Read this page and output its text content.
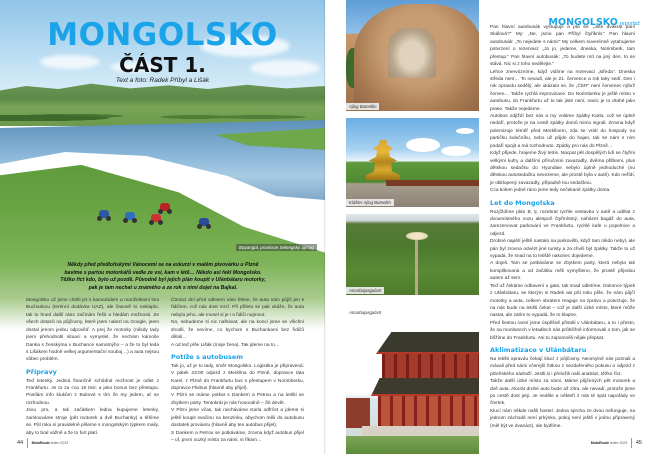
MONGOLSKO
ČÁST 1.
Text a foto: Radek Příbyl a Lišák
Bayangol, provincie Selengský ajmag
Někdy před předloňskými Vánocemi se na exkurzi v malém pivovárku u Plzně bavíme s partou motorkářů vedle ze vsi, kam v létě… Někdo asi řekl Mongolsko. Těžko říct kdo, bylo už pozdě. Původně byl jejich plán koupit v Ulánbátaru motorky, pak je tam nechat u známého a za rok s nimi dojet na Bajkal.

Mongolsko už jsme chtěli jet s kamarádem a manželkami loni Buchankou (terénní dodávka UAZ), ale časově to neklaplo, tak to hned další ráno začínám řešit a hledám možnosti. Ze všech dotazů na půjčovny, které jsem nalezl na Google, jsem dostal jenom jednu odpověď. A prej že motorky (někdy tady jsem přehodnotil situaci a vymyslel, že nechám kámoše Danka s ženskýma v Buchance samotnýho – a že to byl teda s Lišákem hodně velkej argumentační souboj…) a auta nejsou vůbec problém.

Přípravy

Teď letenky. Jediná finančně schůdná možnost je odlet z Frankfurtu. Je to za cca 19 tisíc a jako bonus bez přestupu. Posílám info klukům z Bukové s tím že my jedem, ať se rozhodnou.

Jsou pro, a tak začátkem ledna kupujeme letenky, zamlouváme stroje (pět motorek a dvě Buchanky) a těšíme se. Půl roku si pravidelně píšeme s mongolským týpkem maily, aby to bral vážně a že to furt platí.

Čtrnáct dní před odletem nám řekne, že auta nám půjčí jen s řidičem, což nás dost mrzí. Při příletu se pak ukáže, že auta nebyla jeho, ale musel si je i s řidiči najmout.

No, nebudeme si nic nalhávat, ale na konci jsme se všichni shodli, že nevíme, co bychom s Buchankami bez řidičů dělali…

A od teď píše Lišák (moje žena). Tak jdeme na to…

Potíže s autobusem

Tak jo, už je to tady, směr Mongolsko. Logistika je připravená: V pátek 23:00 odjezd z Merklína do Plzně, dopravce táta Karel, z Plzně do Frankfurtu bus s přestupem v Norimberku, dopravce Flixbus (hlavně aby přijel).

V Plzni se máme potkat s Dankem a Petrou a na letišti se zbytkem party. Tentokrát je nás hoooodně – čili devět.

V Plzni jsme včas, tak necháváme Karla odfrčet a jdeme si ještě koupit svačinu na benzínku, abychom měli do autobusu dostatek proviantu (hlavně aby ten autobus přijel).

S Dankem a Petrou se potkáváme, zrovna když autobus přijel – uf, první ouzký místo za námi, si říkám…

44 MotoRoute leden 2023
Ajlog Buteeltin
Klášter Ajlog Buteeltin
Amarbajasgalant
Amarbajasgalant
MONGOLSKO reportáž

Pan hlavní autobusák vystupuje a ptá se: „Jste dvakrát paní Skálová?" My: „Ne, jsme pan Příbyl čtyřikrát." Pan hlavní autobusák: „To nejedete s námi!" My celkem suverénně vytahujeme potvrzení o rezervaci: „Jo jo, jedeme, dneska, Norimberk, tam přestup." Pan hlavní autobusák: „To budete mít na jiný den, to se stává. Nic si z toho nedělejte."

Lehce znervózníme, když vidíme na rezervaci „středa". Dneska středa není… To nevadí, ale je 21. července a rok taky sedí. Den i rok opravdu sedělý, ale ukázalo se, že „ČER" není červenec nýbrž červen… Takže rychlá improvizace. Do Norimberku je ještě místo v autobusu, do Frankfurtu už to tak jisté není, navíc je to drahé jako prase. Takže nejedeme.

Autobus odjíždí bez nás a my voláme zpátky Karla, což se úplně nedaří, protože je na cestě zpátky domů mimo signál. Zrovna když polemizuje téměř před Merklínem, zda se vrátí do hospody na partičku kulečníku, nebo už půjde do hajan, tak se nám s ním podaří spojit a má rozhodnuto. Zpátky pro nás do Plzně…

Když přijede, hrajeme živý tetris. Nacpat pět dospělých lidí se čtyřmi velkými kufry a dalšími příručními zavazadly, dvěma přilbami, plus dětskou sedačku do Hyundaie nebylo úplně jednoduché (nu dětskou autosedačku nevezeme, ale prostě byla v autě). Kdo neřídí, je obklopený zavazadly, případně tou sedačkou.

Cca kolem jedné ráno jsme tedy nečekaně zpátky doma.

Let do Mongolska

Rozjíždíme plán B, tj. rozebrat rychle vestavbu v autě a udělat z dvoumístného vozu alespoň čtyřmístný, naházet bagáž do auta, zarezervovat parkování ve Frankfurtu, rychlé kafe u popelnice a odjezd.

Drobné napětí ještě nastalo na parkovišti, když tam nikdo nebyl, ale pán byl zrovna odvézt jiné turisty a za chvíli byl zpátky. Takže to už vypadá, že snad na to letiště nakonec dojedeme.

A dojeli. Tam se potkáváme se zbytkem party, která nebyla tak komplikovaná a od začátku měli vymyšleno, že prostě přijedou autem až sem.

Teď už čekáme odbavení u gate, tak snad odletíme. Dokonce týpek z Ulánbátaru, se kterým si Radek asi půl roku píše, že nám půjčí motorky a auta, celkem obratem reaguje na zprávu a potvrzuje, že na nás bude na letišti čekat – což je další úzké místo, které může nastat, ale zatím to vypadá, že to klapne.

Před šestou ranní jsme úspěšně přistáli v Ulánbátaru, a to i přesto, že na monitorech v letadlech nás průběžně informovali o tom, jak se blížíme do Frankfurtu. Asi to zapomněli nějak přepsat.

Aklimatizace v Ulánbátaru

Na letišti opravdu čekají klucí z půjčovny. Neomylně nás poznali a mávali před námi včerejší fotkou z nezdařeného pokusu o odjezd z plzeňského nádraží. Jestli si i přeložili naši anabázi, těžko říct.

Takže další úzké místo za námi. Máme půjčených pět motorek a dvě auta. Akorát druhé auto bude až zítra, ale nevadí, protože jsme po cestě dost jetý. Je neděle a někteří z nás tě spát napořády ve čtvrtek.

Klucí nám někde našli hostel. Jedna sprcha ze dvou nefunguje, na jednom záchodě není prkýnko, pokoj není ještě v jednu připravený (měl být ve dvanáct), ale bydlíme.

MotoRoute leden 2023 45
